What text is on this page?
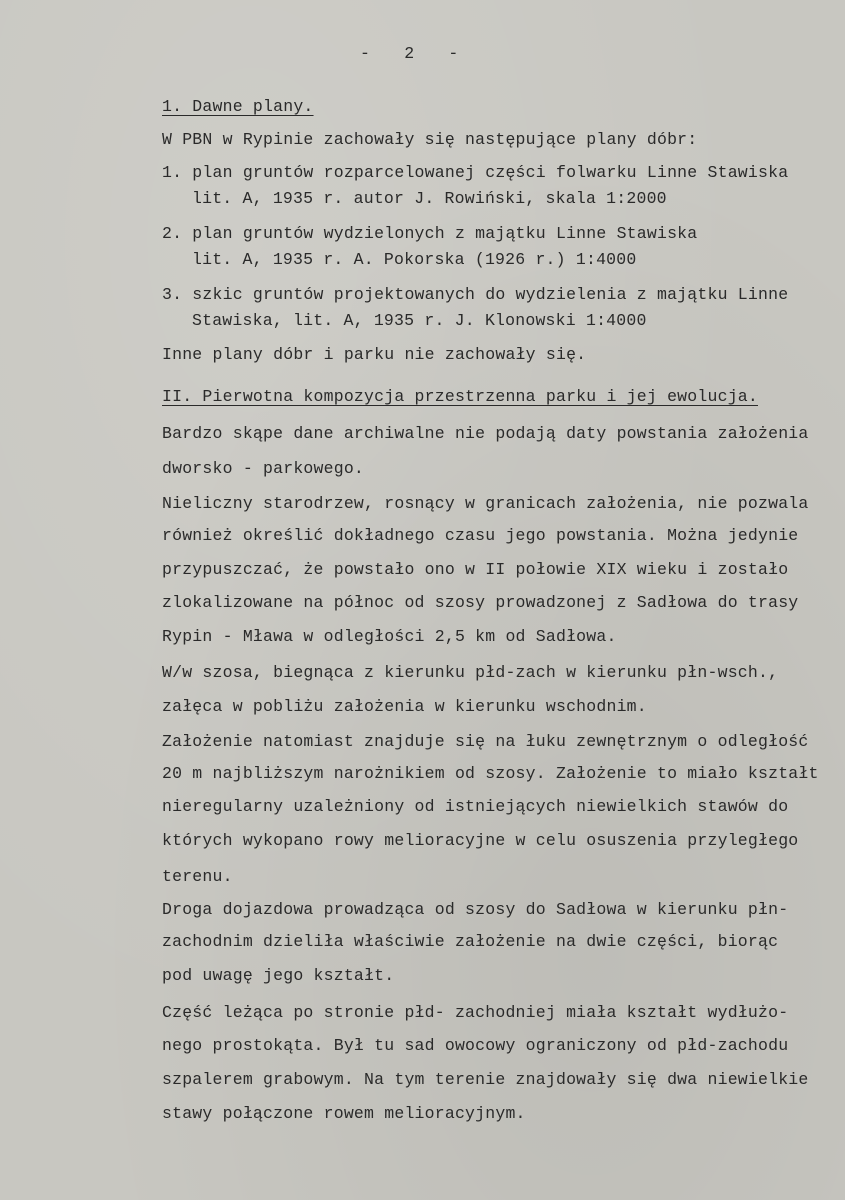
- 2 -
1. Dawne plany.
W PBN w Rypinie zachowały się następujące plany dóbr:
1. plan gruntów rozparcelowanej części folwarku Linne Stawiska
lit. A, 1935 r. autor J. Rowiński, skala 1:2000
2. plan gruntów wydzielonych z majątku Linne Stawiska
lit. A, 1935 r. A. Pokorska (1926 r.) 1:4000
3. szkic gruntów projektowanych do wydzielenia z majątku Linne
Stawiska, lit. A, 1935 r. J. Klonowski 1:4000
Inne plany dóbr i parku nie zachowały się.
II. Pierwotna kompozycja przestrzenna parku i jej ewolucja.
Bardzo skąpe dane archiwalne nie podają daty powstania założenia
dworsko - parkowego.
Nieliczny starodrzew, rosnący w granicach założenia, nie pozwala
również określić dokładnego czasu jego powstania. Można jedynie
przypuszczać, że powstało ono w II połowie XIX wieku i zostało
zlokalizowane na północ od szosy prowadzonej z Sadłowa do trasy
Rypin - Mława w odległości 2,5 km od Sadłowa.
W/w szosa, biegnąca z kierunku płd-zach w kierunku płn-wsch.,
załęca w pobliżu założenia w kierunku wschodnim.
Założenie natomiast znajduje się na łuku zewnętrznym o odległość
20 m najbliższym narożnikiem od szosy. Założenie to miało kształt
nieregularny uzależniony od istniejących niewielkich stawów do
których wykopano rowy melioracyjne w celu osuszenia przyległego
terenu.
Droga dojazdowa prowadząca od szosy do Sadłowa w kierunku płn-
zachodnim dzieliła właściwie założenie na dwie części, biorąc
pod uwagę jego kształt.
Część leżąca po stronie płd- zachodniej miała kształt wydłużo-
nego prostokąta. Był tu sad owocowy ograniczony od płd-zachodu
szpalerem grabowym. Na tym terenie znajdowały się dwa niewielkie
stawy połączone rowem melioracyjnym.
